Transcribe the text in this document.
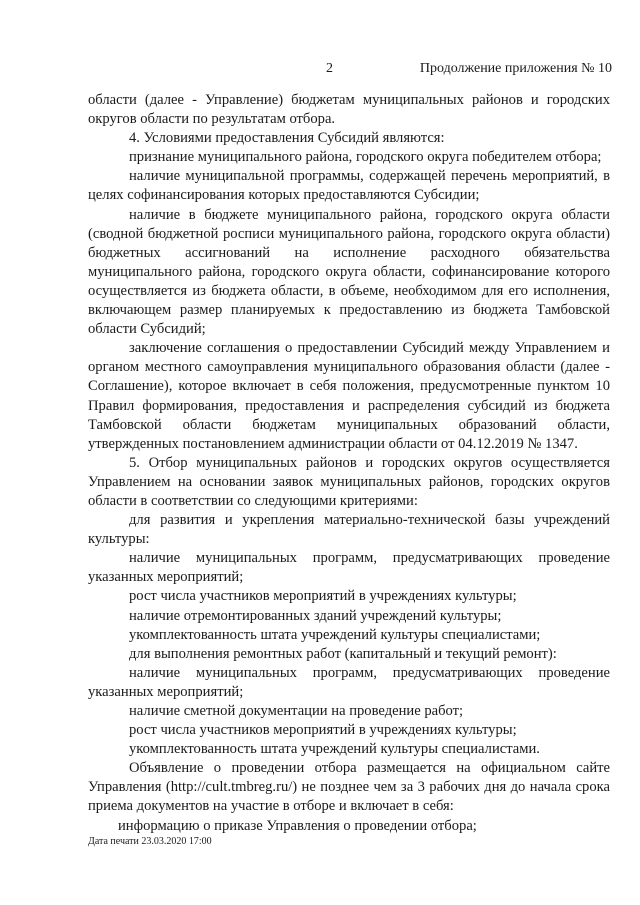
2	Продолжение приложения № 10

области (далее - Управление) бюджетам муниципальных районов и городских округов области по результатам отбора.

4. Условиями предоставления Субсидий являются:

признание муниципального района, городского округа победителем отбора;

наличие муниципальной программы, содержащей перечень мероприятий, в целях софинансирования которых предоставляются Субсидии;

наличие в бюджете муниципального района, городского округа области (сводной бюджетной росписи муниципального района, городского округа области) бюджетных ассигнований на исполнение расходного обязательства муниципального района, городского округа области, софинансирование которого осуществляется из бюджета области, в объеме, необходимом для его исполнения, включающем размер планируемых к предоставлению из бюджета Тамбовской области Субсидий;

заключение соглашения о предоставлении Субсидий между Управлением и органом местного самоуправления муниципального образования области (далее - Соглашение), которое включает в себя положения, предусмотренные пунктом 10 Правил формирования, предоставления и распределения субсидий из бюджета Тамбовской области бюджетам муниципальных образований области, утвержденных постановлением администрации области от 04.12.2019 № 1347.

5. Отбор муниципальных районов и городских округов осуществляется Управлением на основании заявок муниципальных районов, городских округов области в соответствии со следующими критериями:

для развития и укрепления материально-технической базы учреждений культуры:

наличие муниципальных программ, предусматривающих проведение указанных мероприятий;

рост числа участников мероприятий в учреждениях культуры;

наличие отремонтированных зданий учреждений культуры;

укомплектованность штата учреждений культуры специалистами;

для выполнения ремонтных работ (капитальный и текущий ремонт):

наличие муниципальных программ, предусматривающих проведение указанных мероприятий;

наличие сметной документации на проведение работ;

рост числа участников мероприятий в учреждениях культуры;

укомплектованность штата учреждений культуры специалистами.

Объявление о проведении отбора размещается на официальном сайте Управления (http://cult.tmbreg.ru/) не позднее чем за 3 рабочих дня до начала срока приема документов на участие в отборе и включает в себя:

информацию о приказе Управления о проведении отбора;

Дата печати 23.03.2020 17:00
